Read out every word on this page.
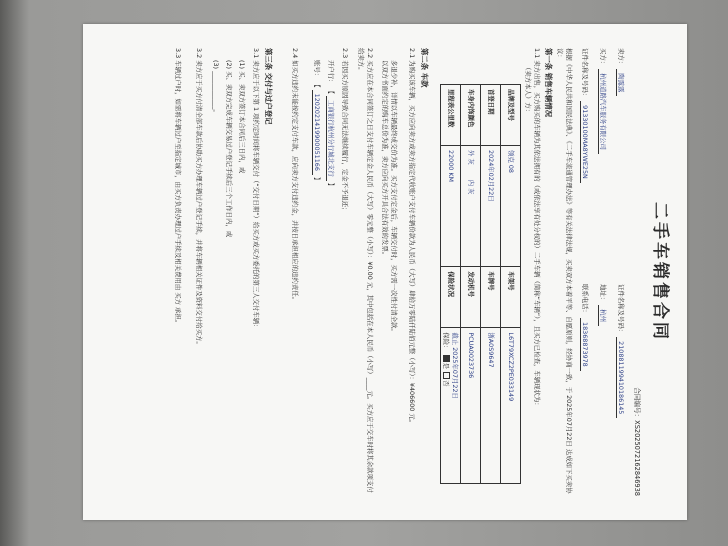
二手车销售合同
合同编号：XS2025072162846938
卖方： 陶露露
证件名称及号码： 210881199410186145
买方： 杭州道路汽车服务有限公司
地址： 杭州
证件名称及号码： 91330100MA8YWE25N
联系电话： 18368873978
根据《中华人民共和国民法典》、《二手车流通管理办法》等有关法律法规，买卖双方本着平等、自愿原则，经协商一致，于 2025年07月22日 达成如下买卖协议：
第一条 销售车辆情况
1.1 卖方出售，买方购买的车辆为其依法拥有的（或依法享有处分权的）二手车辆（简称“车辆”），且买方已检查，车辆现状为：
（卖方本人）方：
品牌及型号	领克 08	车架号	L6T79XCZ2PE033149
首登日期	2024年02月22日	车牌号	浙A0S9647
车身内饰颜色	外 灰 　　内 灰	发动机号	PCUA0023736
里程表公里数	22000 KM	保险状况	截止 2025年07月22日
保险： 是 否
第二条 车款
2.1 为购买该车辆，买方应向卖方或卖方指定代收账户支付车辆价款为人民币（大写）肆拾万零陆仟陆佰元整（小写）：¥406600 元。
多退少补，详情以车辆最终成交价为准。买方支付定金后，车辆交付时，买方需一次性付清全款。
以双方书面约定的购车总价为准，卖方应向买方开具合法有效的发票。
2.2 买方应在本合同签订之日支付车辆定金人民币（大写）零元整（小写）：¥0.00 元，其中包括在本人民币（小写）____元。买方应于交车时将其余款项支付给卖方。
2.3 若因买方原因导致合同无法继续履行，定金不予退还；
开户行： 【 工商银行杭州分行城北支行 】
账号： 【 1202021419900051166 】
2.4 如买方违约未能按约定支付车款，应向卖方支付违约金，并按日承担相应的违约责任。
第三条 交付与过户登记
3.1 卖方应于以下第 1 项约定时间将车辆交付（“交付日期”）给买方或买方委托的第三人交付车辆：
(1) 买、卖双方签订本合同后三日内，或
(2) 买、卖双方完成车辆交易过户登记手续后三个工作日内，或
(3) ____________。
3.2 卖方应于买方付清全部车款后协助买方办理车辆过户登记手续，并将车辆相关证件及资料交付给买方。
3.3 车辆过户时，如需将车辆过户至指定城市，由买方负责办理过户手续及相关费用由 买方 承担。
